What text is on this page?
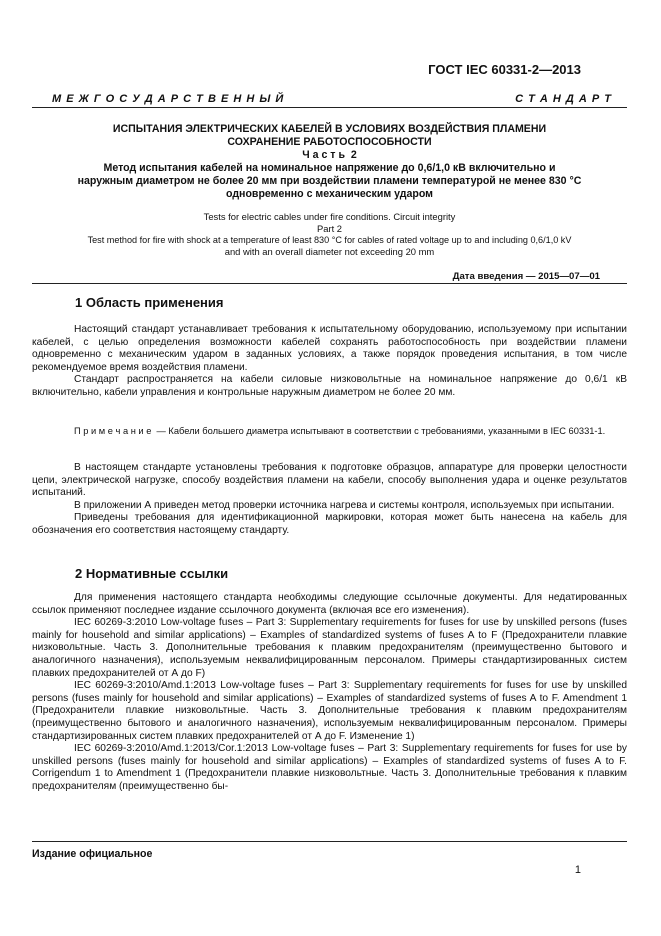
ГОСТ IEC 60331-2—2013
М Е Ж Г О С У Д А Р С Т В Е Н Н Ы Й	С Т А Н Д А Р Т
ИСПЫТАНИЯ ЭЛЕКТРИЧЕСКИХ КАБЕЛЕЙ В УСЛОВИЯХ ВОЗДЕЙСТВИЯ ПЛАМЕНИ
СОХРАНЕНИЕ РАБОТОСПОСОБНОСТИ
Ч а с т ь  2
Метод испытания кабелей на номинальное напряжение до 0,6/1,0 кВ включительно и
наружным диаметром не более 20 мм при воздействии пламени температурой не менее 830 °С
одновременно с механическим ударом
Tests for electric cables under fire conditions. Circuit integrity
Part 2
Test method for fire with shock at a temperature of least 830 °C for cables of rated voltage up to and including 0,6/1,0 kV
and with an overall diameter not exceeding 20 mm
Дата введения — 2015—07—01
1 Область применения

Настоящий стандарт устанавливает требования к испытательному оборудованию, используемому при испытании кабелей, с целью определения возможности кабелей сохранять работоспособность при воздействии пламени одновременно с механическим ударом в заданных условиях, а также порядок проведения испытания, в том числе рекомендуемое время воздействия пламени.

Стандарт распространяется на кабели силовые низковольтные на номинальное напряжение до 0,6/1 кВ включительно, кабели управления и контрольные наружным диаметром не более 20 мм.

П р и м е ч а н и е  — Кабели большего диаметра испытывают в соответствии с требованиями, указанными в IEC 60331-1.

В настоящем стандарте установлены требования к подготовке образцов, аппаратуре для проверки целостности цепи, электрической нагрузке, способу воздействия пламени на кабели, способу выполнения удара и оценке результатов испытаний.

В приложении А приведен метод проверки источника нагрева и системы контроля, используемых при испытании.

Приведены требования для идентификационной маркировки, которая может быть нанесена на кабель для обозначения его соответствия настоящему стандарту.

2 Нормативные ссылки

Для применения настоящего стандарта необходимы следующие ссылочные документы. Для недатированных ссылок применяют последнее издание ссылочного документа (включая все его изменения).

IEC 60269-3:2010 Low-voltage fuses – Part 3: Supplementary requirements for fuses for use by unskilled persons (fuses mainly for household and similar applications) – Examples of standardized systems of fuses A to F (Предохранители плавкие низковольтные. Часть 3. Дополнительные требования к плавким предохранителям (преимущественно бытового и аналогичного назначения), используемым неквалифицированным персоналом. Примеры стандартизированных систем плавких предохранителей от А до F)

IEC 60269-3:2010/Amd.1:2013 Low-voltage fuses – Part 3: Supplementary requirements for fuses for use by unskilled persons (fuses mainly for household and similar applications) – Examples of standardized systems of fuses A to F. Amendment 1 (Предохранители плавкие низковольтные. Часть 3. Дополнительные требования к плавким предохранителям (преимущественно бытового и аналогичного назначения), используемым неквалифицированным персоналом. Примеры стандартизированных систем плавких предохранителей от А до F. Изменение 1)

IEC 60269-3:2010/Amd.1:2013/Cor.1:2013 Low-voltage fuses – Part 3: Supplementary requirements for fuses for use by unskilled persons (fuses mainly for household and similar applications) – Examples of standardized systems of fuses A to F. Corrigendum 1 to Amendment 1 (Предохранители плавкие низковольтные. Часть 3. Дополнительные требования к плавким предохранителям (преимущественно бы-

Издание официальное
1
